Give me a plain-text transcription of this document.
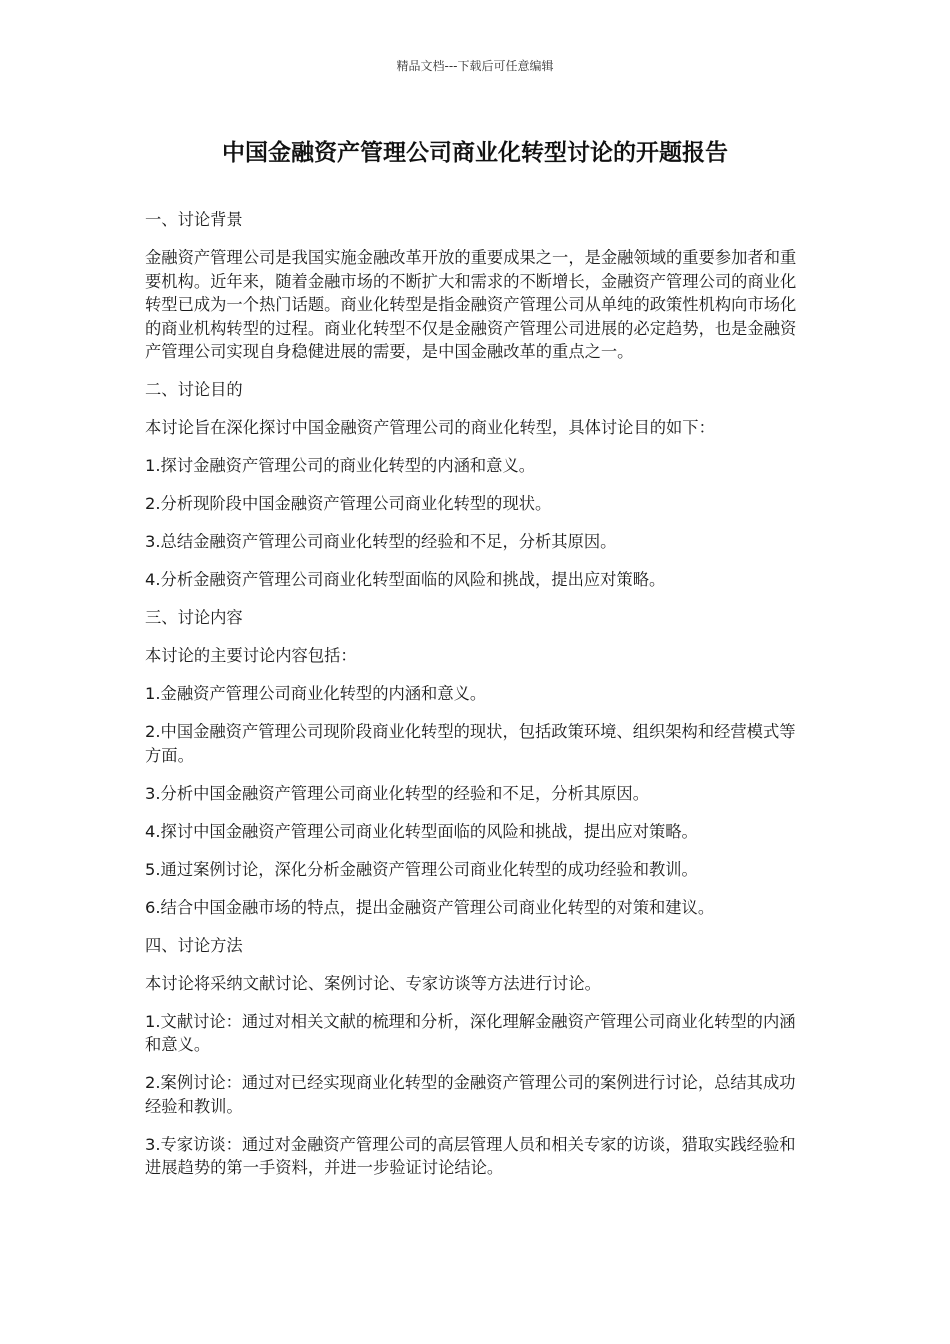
精品文档---下载后可任意编辑
中国金融资产管理公司商业化转型讨论的开题报告
一、讨论背景

金融资产管理公司是我国实施金融改革开放的重要成果之一，是金融领域的重要参加者和重要机构。近年来，随着金融市场的不断扩大和需求的不断增长，金融资产管理公司的商业化转型已成为一个热门话题。商业化转型是指金融资产管理公司从单纯的政策性机构向市场化的商业机构转型的过程。商业化转型不仅是金融资产管理公司进展的必定趋势，也是金融资产管理公司实现自身稳健进展的需要，是中国金融改革的重点之一。

二、讨论目的

本讨论旨在深化探讨中国金融资产管理公司的商业化转型，具体讨论目的如下：

1.探讨金融资产管理公司的商业化转型的内涵和意义。

2.分析现阶段中国金融资产管理公司商业化转型的现状。

3.总结金融资产管理公司商业化转型的经验和不足，分析其原因。

4.分析金融资产管理公司商业化转型面临的风险和挑战，提出应对策略。

三、讨论内容

本讨论的主要讨论内容包括：

1.金融资产管理公司商业化转型的内涵和意义。

2.中国金融资产管理公司现阶段商业化转型的现状，包括政策环境、组织架构和经营模式等方面。

3.分析中国金融资产管理公司商业化转型的经验和不足，分析其原因。

4.探讨中国金融资产管理公司商业化转型面临的风险和挑战，提出应对策略。

5.通过案例讨论，深化分析金融资产管理公司商业化转型的成功经验和教训。

6.结合中国金融市场的特点，提出金融资产管理公司商业化转型的对策和建议。

四、讨论方法

本讨论将采纳文献讨论、案例讨论、专家访谈等方法进行讨论。

1.文献讨论：通过对相关文献的梳理和分析，深化理解金融资产管理公司商业化转型的内涵和意义。

2.案例讨论：通过对已经实现商业化转型的金融资产管理公司的案例进行讨论，总结其成功经验和教训。

3.专家访谈：通过对金融资产管理公司的高层管理人员和相关专家的访谈，猎取实践经验和进展趋势的第一手资料，并进一步验证讨论结论。
